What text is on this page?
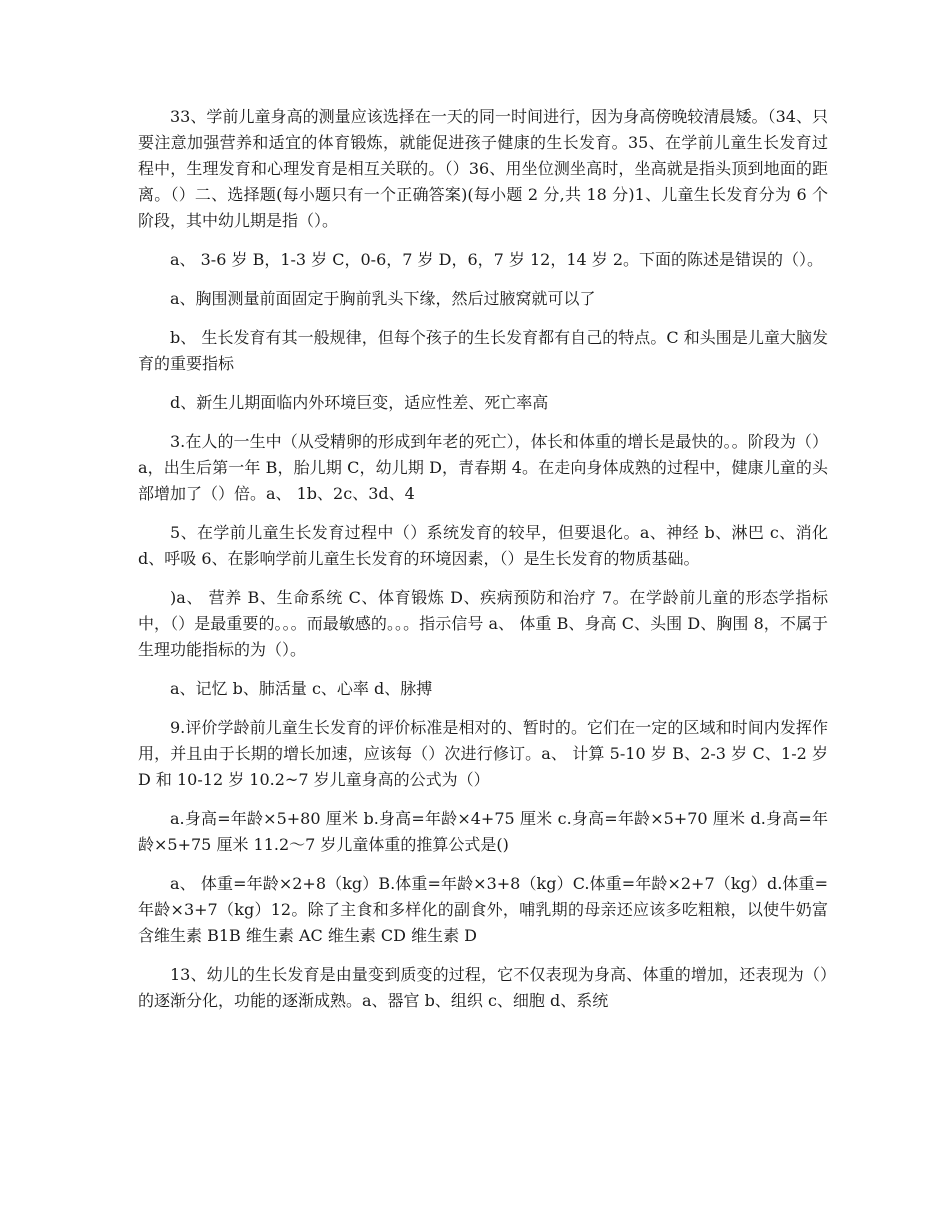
33、学前儿童身高的测量应该选择在一天的同一时间进行，因为身高傍晚较清晨矮。（34、只要注意加强营养和适宜的体育锻炼，就能促进孩子健康的生长发育。35、在学前儿童生长发育过程中，生理发育和心理发育是相互关联的。（）36、用坐位测坐高时，坐高就是指头顶到地面的距离。（）二、选择题(每小题只有一个正确答案)(每小题 2 分,共 18 分)1、儿童生长发育分为 6 个阶段，其中幼儿期是指（）。

a、 3-6 岁 B，1-3 岁 C，0-6，7 岁 D，6，7 岁 12，14 岁 2。下面的陈述是错误的（）。

a、胸围测量前面固定于胸前乳头下缘，然后过腋窝就可以了

b、 生长发育有其一般规律，但每个孩子的生长发育都有自己的特点。C 和头围是儿童大脑发育的重要指标

d、新生儿期面临内外环境巨变，适应性差、死亡率高

3.在人的一生中（从受精卵的形成到年老的死亡），体长和体重的增长是最快的。。阶段为（）a，出生后第一年 B，胎儿期 C，幼儿期 D，青春期 4。在走向身体成熟的过程中，健康儿童的头部增加了（）倍。a、 1b、2c、3d、4

5、在学前儿童生长发育过程中（）系统发育的较早，但要退化。a、神经 b、淋巴 c、消化 d、呼吸 6、在影响学前儿童生长发育的环境因素，（）是生长发育的物质基础。

)a、 营养 B、生命系统 C、体育锻炼 D、疾病预防和治疗 7。在学龄前儿童的形态学指标中，（）是最重要的。。。而最敏感的。。。指示信号 a、 体重 B、身高 C、头围 D、胸围 8，不属于生理功能指标的为（）。

a、记忆 b、肺活量 c、心率 d、脉搏

9.评价学龄前儿童生长发育的评价标准是相对的、暂时的。它们在一定的区域和时间内发挥作用，并且由于长期的增长加速，应该每（）次进行修订。a、 计算 5-10 岁 B、2-3 岁 C、1-2 岁 D 和 10-12 岁 10.2~7 岁儿童身高的公式为（）

a.身高=年龄×5+80 厘米 b.身高=年龄×4+75 厘米 c.身高=年龄×5+70 厘米 d.身高=年龄×5+75 厘米 11.2～7 岁儿童体重的推算公式是()

a、 体重=年龄×2+8（kg）B.体重=年龄×3+8（kg）C.体重=年龄×2+7（kg）d.体重=年龄×3+7（kg）12。除了主食和多样化的副食外，哺乳期的母亲还应该多吃粗粮，以使牛奶富含维生素 B1B 维生素 AC 维生素 CD 维生素 D

13、幼儿的生长发育是由量变到质变的过程，它不仅表现为身高、体重的增加，还表现为（）的逐渐分化，功能的逐渐成熟。a、器官 b、组织 c、细胞 d、系统
